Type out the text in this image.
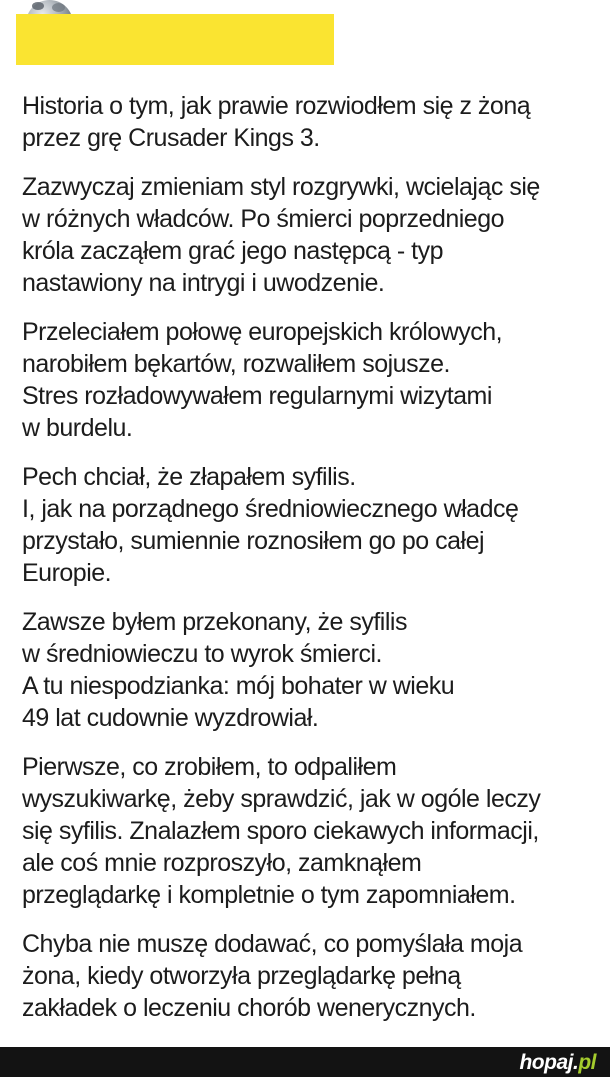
Historia o tym, jak prawie rozwiodłem się z żoną
przez grę Crusader Kings 3.

Zazwyczaj zmieniam styl rozgrywki, wcielając się
w różnych władców. Po śmierci poprzedniego
króla zacząłem grać jego następcą - typ
nastawiony na intrygi i uwodzenie.

Przeleciałem połowę europejskich królowych,
narobiłem bękartów, rozwaliłem sojusze.
Stres rozładowywałem regularnymi wizytami
w burdelu.

Pech chciał, że złapałem syfilis.
I, jak na porządnego średniowiecznego władcę
przystało, sumiennie roznosiłem go po całej
Europie.

Zawsze byłem przekonany, że syfilis
w średniowieczu to wyrok śmierci.
A tu niespodzianka: mój bohater w wieku
49 lat cudownie wyzdrowiał.

Pierwsze, co zrobiłem, to odpaliłem
wyszukiwarkę, żeby sprawdzić, jak w ogóle leczy
się syfilis. Znalazłem sporo ciekawych informacji,
ale coś mnie rozproszyło, zamknąłem
przeglądarkę i kompletnie o tym zapomniałem.

Chyba nie muszę dodawać, co pomyślała moja
żona, kiedy otworzyła przeglądarkę pełną
zakładek o leczeniu chorób wenerycznych.

hopaj.pl
